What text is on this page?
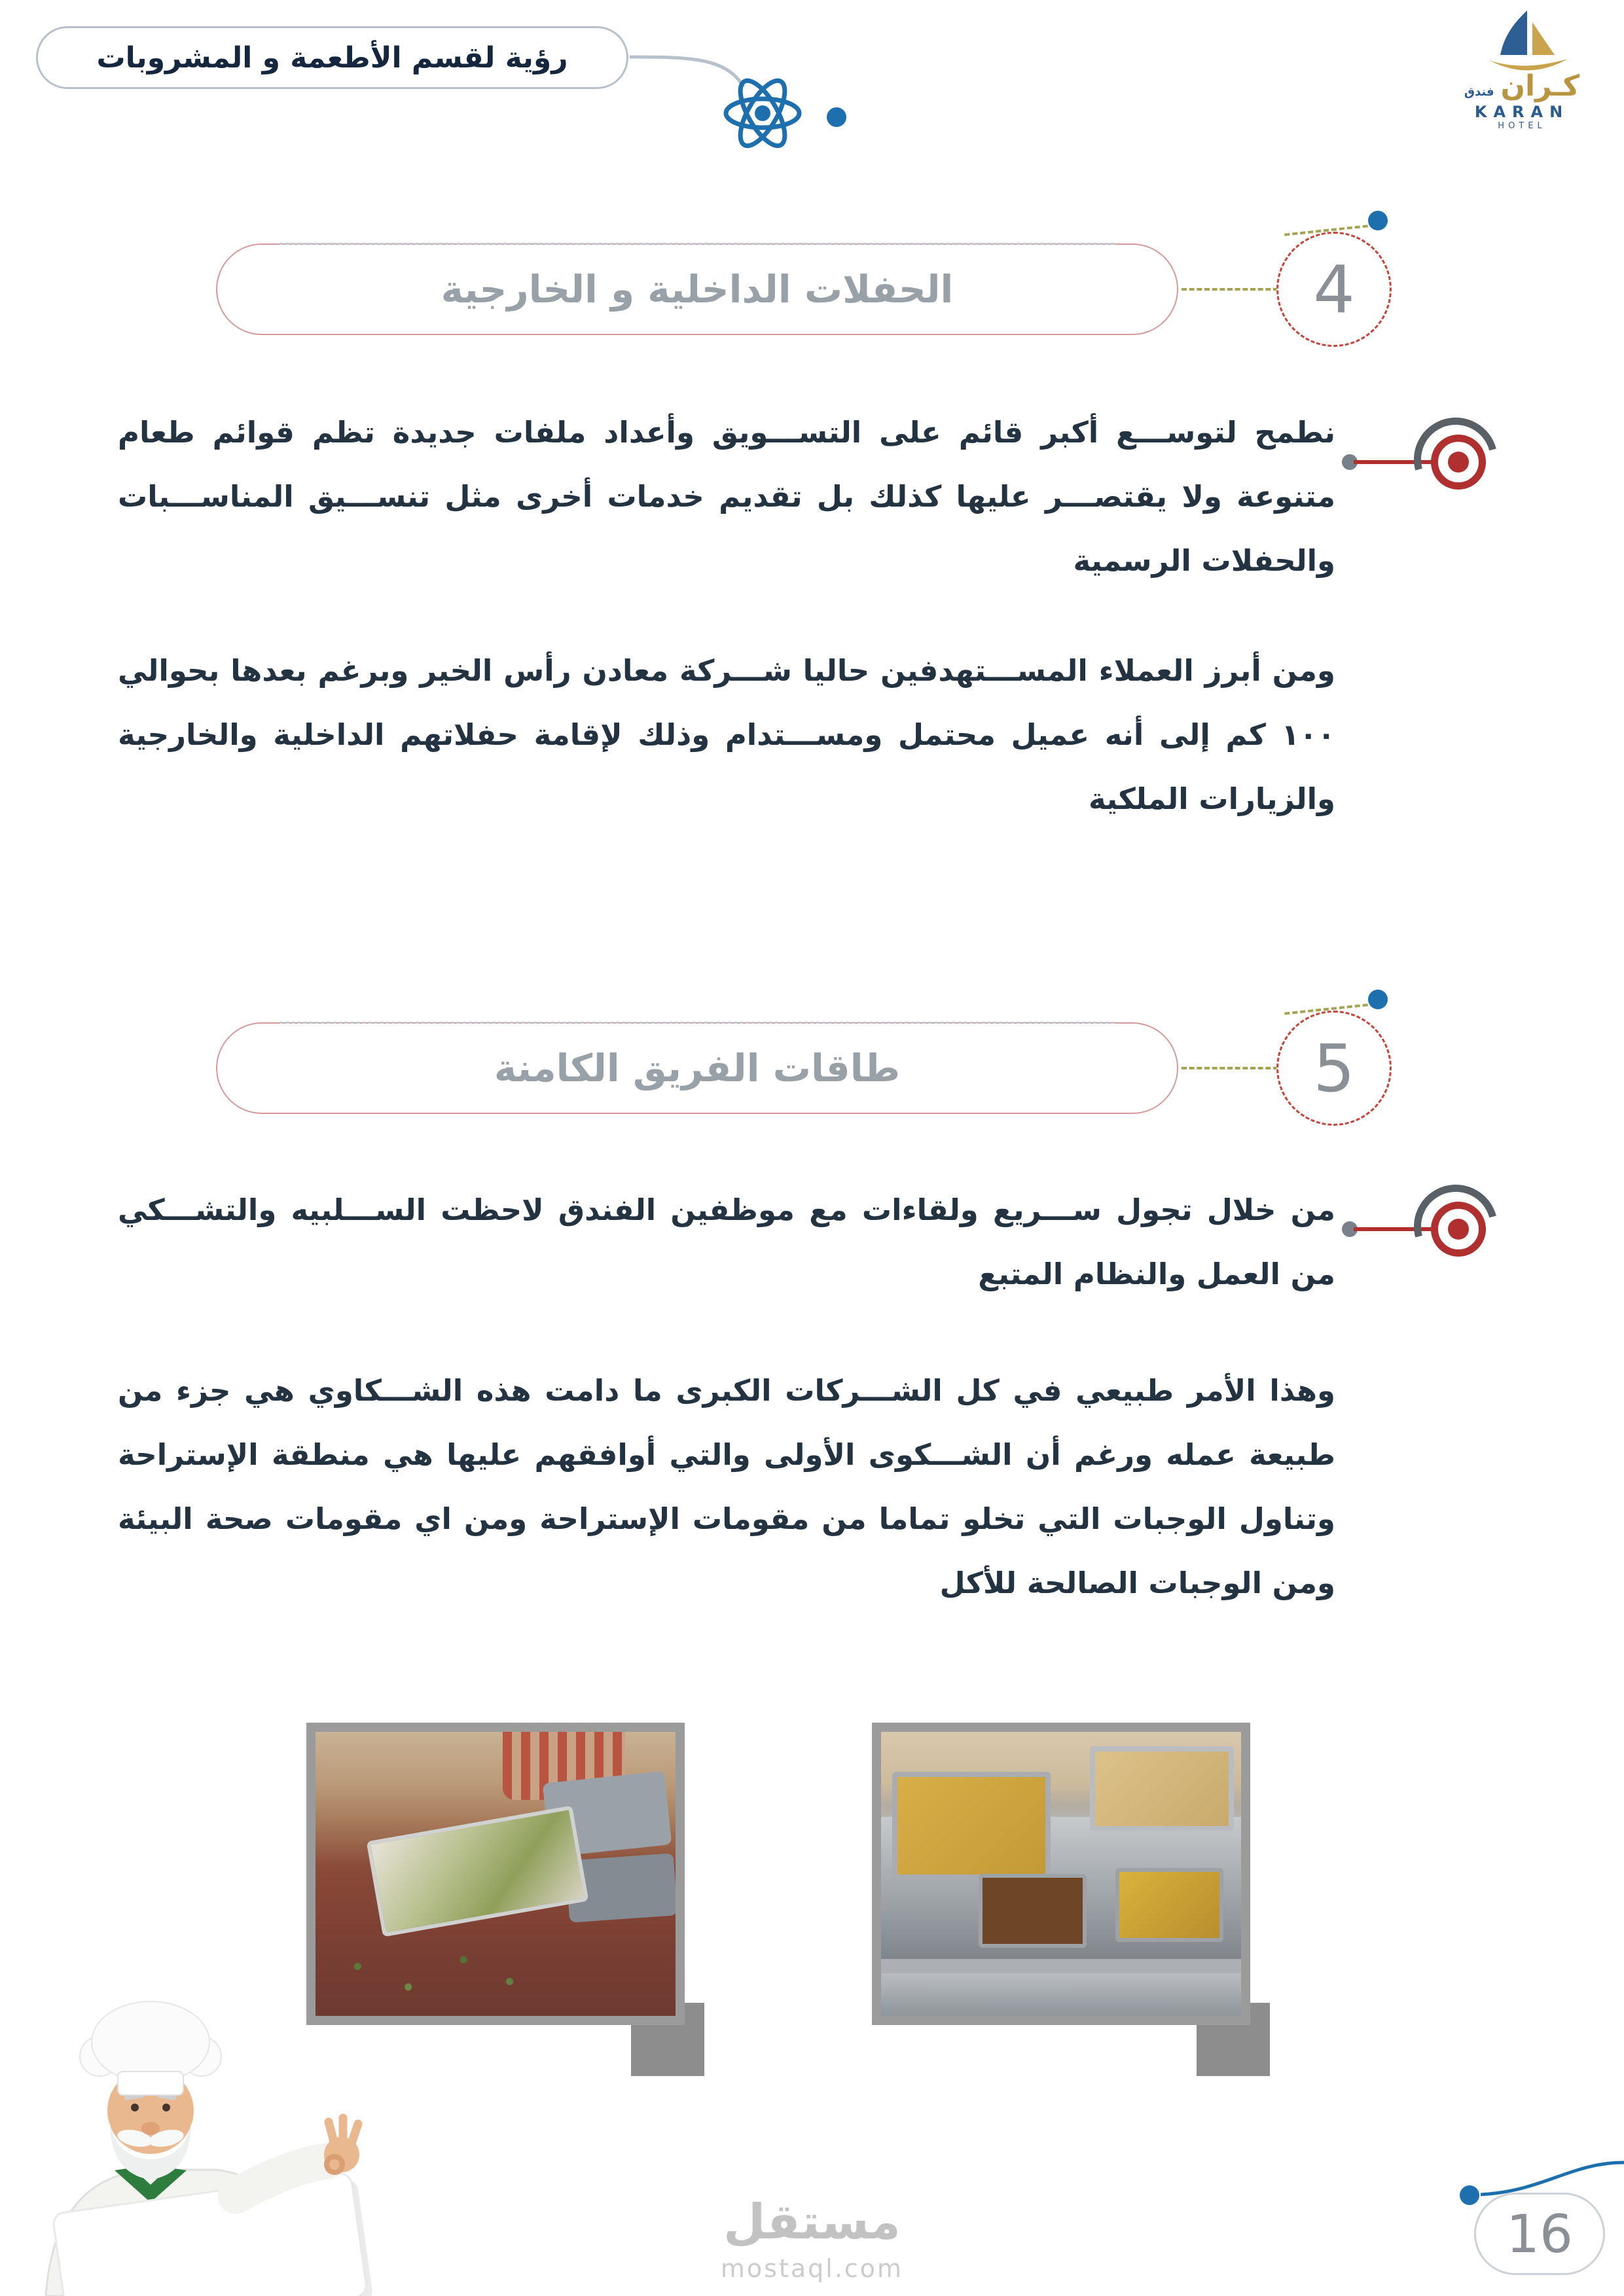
رؤية لقسم الأطعمة و المشروبات
كـران
فندق
KARAN
HOTEL
الحفلات الداخلية و الخارجية	4

نطمح لتوســـع أكبر قائم على التســـويق وأعداد ملفات جديدة تظم قوائم طعام متنوعة ولا يقتصـــر عليها كذلك بل تقديم خدمات أخرى مثل تنســـيق المناســـبات والحفلات الرسمية

ومن أبرز العملاء المســـتهدفين حاليا شـــركة معادن رأس الخير وبرغم بعدها بحوالي ١٠٠ كم إلى أنه عميل محتمل ومســـتدام وذلك لإقامة حفلاتهم الداخلية والخارجية والزيارات الملكية

طاقات الفريق الكامنة	5

من خلال تجول ســـريع ولقاءات مع موظفين الفندق لاحظت الســـلبيه والتشـــكي من العمل والنظام المتبع

وهذا الأمر طبيعي في كل الشـــركات الكبرى ما دامت هذه الشـــكاوي هي جزء من طبيعة عمله ورغم أن الشـــكوى الأولى والتي أوافقهم عليها هي منطقة الإستراحة وتناول الوجبات التي تخلو تماما من مقومات الإستراحة ومن اي مقومات صحة البيئة ومن الوجبات الصالحة للأكل

مستقل
mostaql.com
16
